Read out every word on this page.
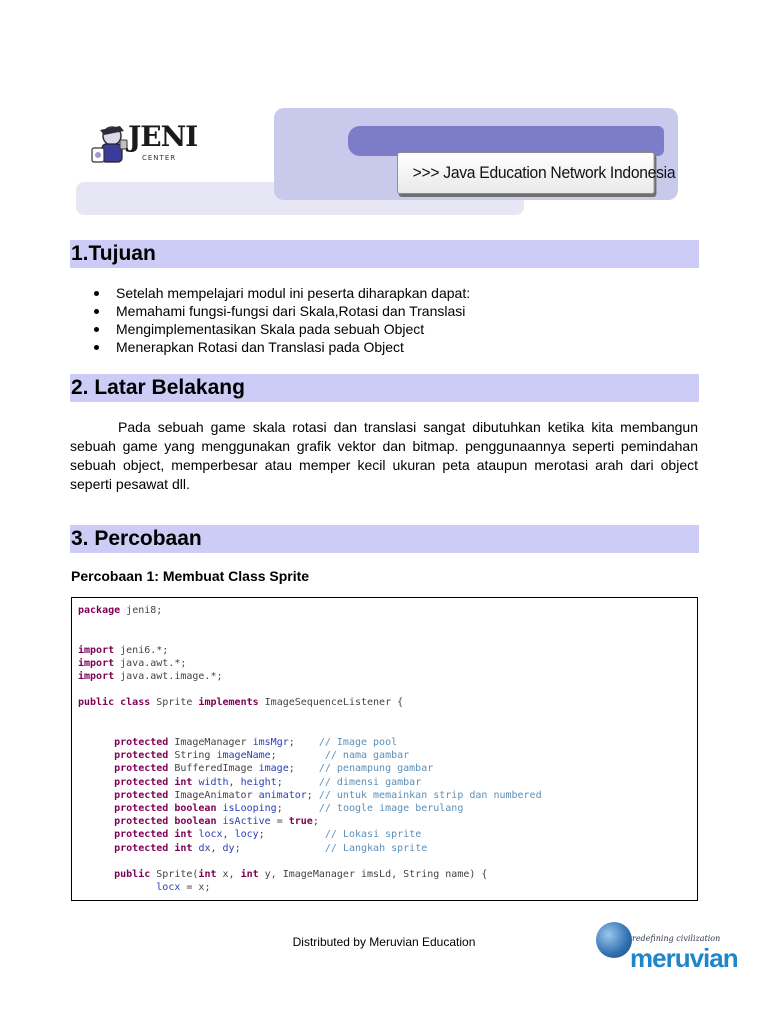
>>> Java Education Network Indonesia
JENI
CENTER
1.Tujuan
Setelah mempelajari modul ini peserta diharapkan dapat:
Memahami fungsi-fungsi dari Skala,Rotasi dan Translasi
Mengimplementasikan Skala pada sebuah Object
Menerapkan Rotasi dan Translasi pada Object
2. Latar Belakang

Pada sebuah game skala rotasi dan translasi sangat dibutuhkan ketika kita membangun sebuah game yang menggunakan grafik vektor dan bitmap. penggunaannya seperti pemindahan sebuah object, memperbesar atau memper kecil ukuran peta ataupun merotasi arah dari object seperti pesawat dll.

3. Percobaan
Percobaan 1: Membuat Class Sprite
package jeni8;

import jeni6.*;
import java.awt.*;
import java.awt.image.*;

public class Sprite implements ImageSequenceListener {

protected ImageManager imsMgr;    // Image pool
protected String imageName;        // nama gambar
protected BufferedImage image;    // penampung gambar
protected int width, height;      // dimensi gambar
protected ImageAnimator animator; // untuk memainkan strip dan numbered
protected boolean isLooping;      // toogle image berulang
protected boolean isActive = true;
protected int locx, locy;          // Lokasi sprite
protected int dx, dy;              // Langkah sprite

public Sprite(int x, int y, ImageManager imsLd, String name) {
locx = x;
Distributed by Meruvian Education	redefining civilization
meruvian
